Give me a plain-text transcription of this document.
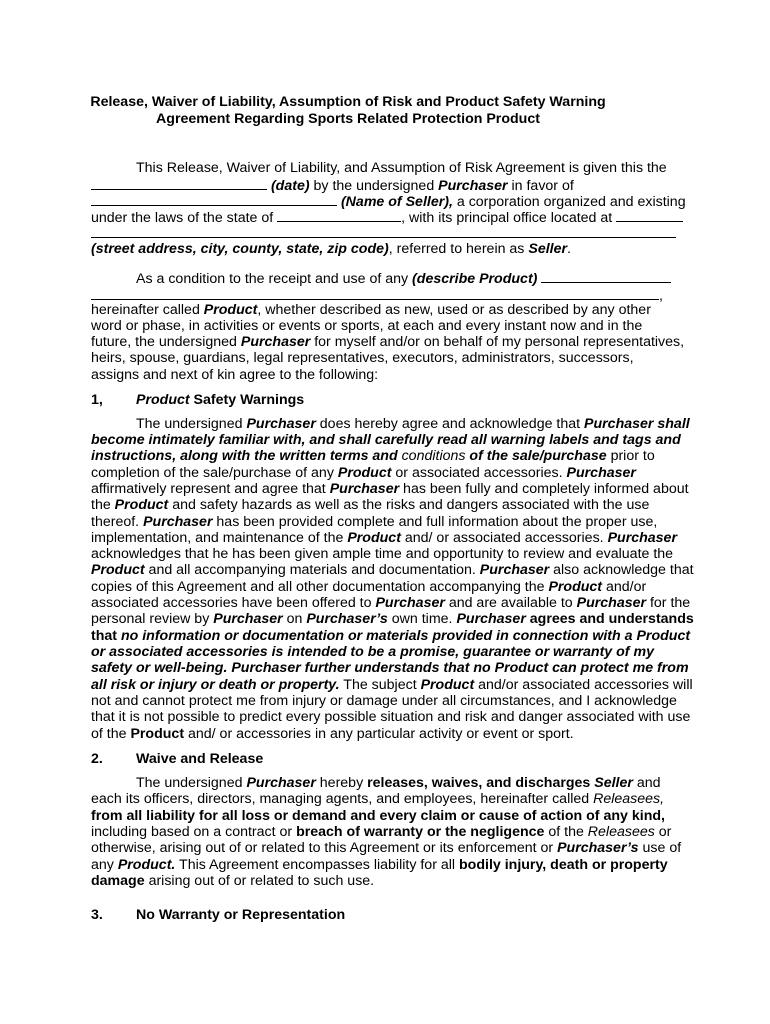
Release, Waiver of Liability, Assumption of Risk and Product Safety Warning
Agreement Regarding Sports Related Protection Product
This Release, Waiver of Liability, and Assumption of Risk Agreement is given this the
(date) by the undersigned Purchaser in favor of
(Name of Seller), a corporation organized and existing
under the laws of the state of	, with its principal office located at
(street address, city, county, state, zip code), referred to herein as Seller.
As a condition to the receipt and use of any (describe Product)
,
hereinafter called Product, whether described as new, used or as described by any other
word or phase, in activities or events or sports, at each and every instant now and in the
future, the undersigned Purchaser for myself and/or on behalf of my personal representatives,
heirs, spouse, guardians, legal representatives, executors, administrators, successors,
assigns and next of kin agree to the following:
1, Product Safety Warnings
The undersigned Purchaser does hereby agree and acknowledge that Purchaser shall
become intimately familiar with, and shall carefully read all warning labels and tags and
instructions, along with the written terms and conditions of the sale/purchase prior to
completion of the sale/purchase of any Product or associated accessories. Purchaser
affirmatively represent and agree that Purchaser has been fully and completely informed about
the Product and safety hazards as well as the risks and dangers associated with the use
thereof. Purchaser has been provided complete and full information about the proper use,
implementation, and maintenance of the Product and/ or associated accessories. Purchaser
acknowledges that he has been given ample time and opportunity to review and evaluate the
Product and all accompanying materials and documentation. Purchaser also acknowledge that
copies of this Agreement and all other documentation accompanying the Product and/or
associated accessories have been offered to Purchaser and are available to Purchaser for the
personal review by Purchaser on Purchaser’s own time. Purchaser agrees and understands
that no information or documentation or materials provided in connection with a Product
or associated accessories is intended to be a promise, guarantee or warranty of my
safety or well-being. Purchaser further understands that no Product can protect me from
all risk or injury or death or property. The subject Product and/or associated accessories will
not and cannot protect me from injury or damage under all circumstances, and I acknowledge
that it is not possible to predict every possible situation and risk and danger associated with use
of the Product and/ or accessories in any particular activity or event or sport.
2. Waive and Release
The undersigned Purchaser hereby releases, waives, and discharges Seller and
each its officers, directors, managing agents, and employees, hereinafter called Releasees,
from all liability for all loss or demand and every claim or cause of action of any kind,
including based on a contract or breach of warranty or the negligence of the Releasees or
otherwise, arising out of or related to this Agreement or its enforcement or Purchaser’s use of
any Product. This Agreement encompasses liability for all bodily injury, death or property
damage arising out of or related to such use.
3. No Warranty or Representation
